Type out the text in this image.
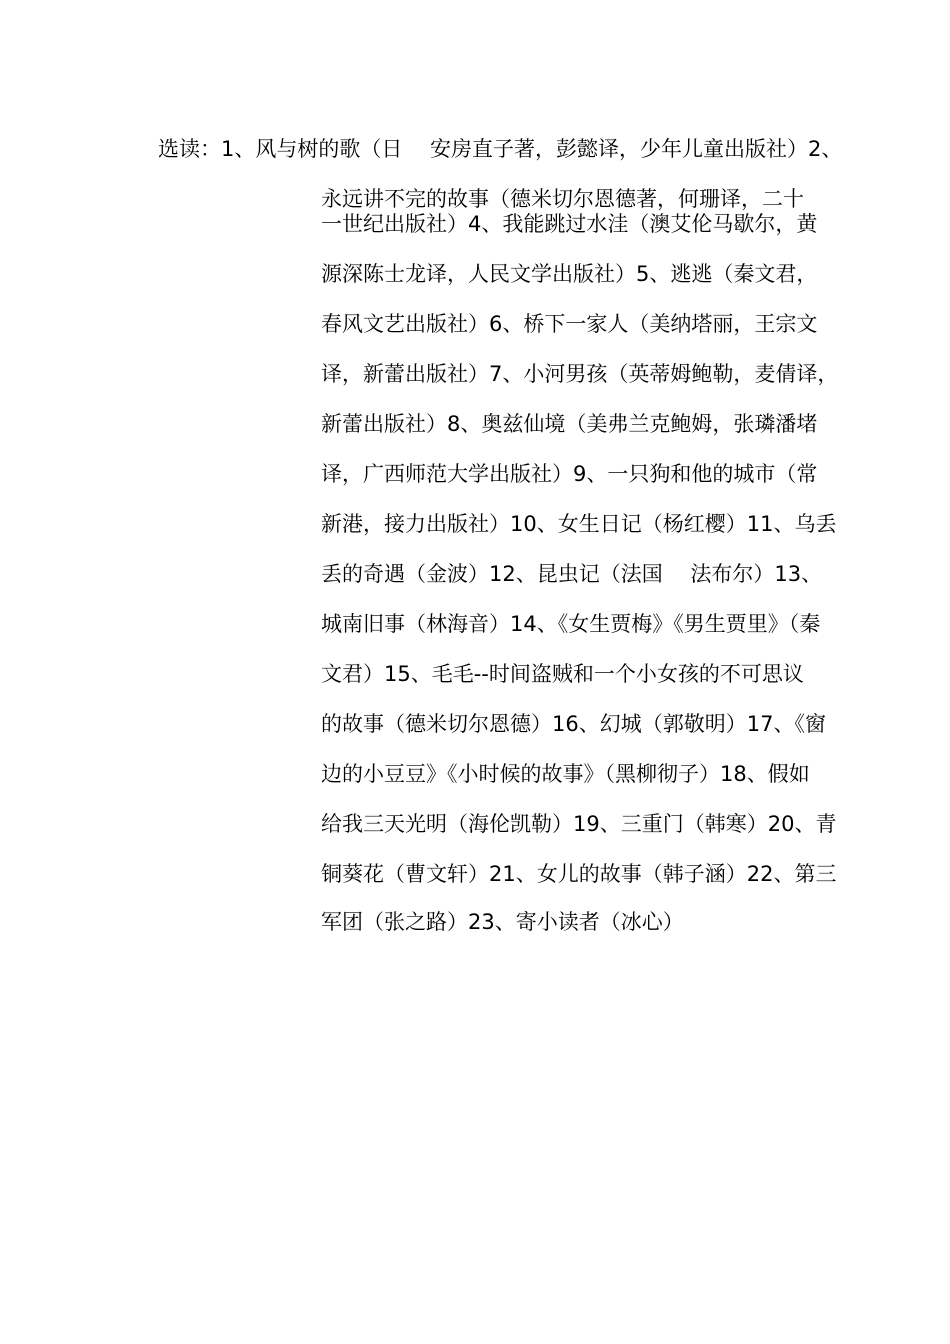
选读：1、风与树的歌（日　 安房直子著，彭懿译，少年儿童出版社）2、
永远讲不完的故事（德米切尔恩德著，何珊译，二十
一世纪出版社）4、我能跳过水洼（澳艾伦马歇尔，黄
源深陈士龙译，人民文学出版社）5、逃逃（秦文君，
春风文艺出版社）6、桥下一家人（美纳塔丽，王宗文
译，新蕾出版社）7、小河男孩（英蒂姆鲍勒，麦倩译，
新蕾出版社）8、奥兹仙境（美弗兰克鲍姆，张璘潘堵
译，广西师范大学出版社）9、一只狗和他的城市（常
新港，接力出版社）10、女生日记（杨红樱）11、乌丢
丢的奇遇（金波）12、昆虫记（法国　 法布尔）13、
城南旧事（林海音）14、《女生贾梅》《男生贾里》（秦
文君）15、毛毛--时间盗贼和一个小女孩的不可思议
的故事（德米切尔恩德）16、幻城（郭敬明）17、《窗
边的小豆豆》《小时候的故事》（黑柳彻子）18、假如
给我三天光明（海伦凯勒）19、三重门（韩寒）20、青
铜葵花（曹文轩）21、女儿的故事（韩子涵）22、第三
军团（张之路）23、寄小读者（冰心）
